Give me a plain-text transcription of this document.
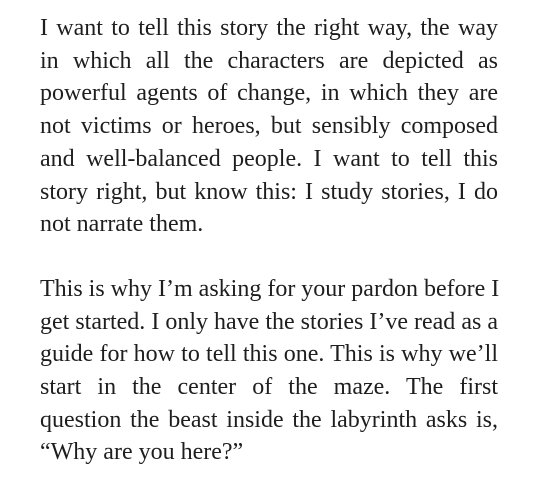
I want to tell this story the right way, the way
in which all the characters are depicted as
powerful agents of change, in which they are
not victims or heroes, but sensibly composed
and well-balanced people. I want to tell this
story right, but know this: I study stories, I do
not narrate them.

This is why I’m asking for your pardon before I
get started. I only have the stories I’ve read as a
guide for how to tell this one. This is why we’ll
start in the center of the maze. The first
question the beast inside the labyrinth asks is,
“Why are you here?”
